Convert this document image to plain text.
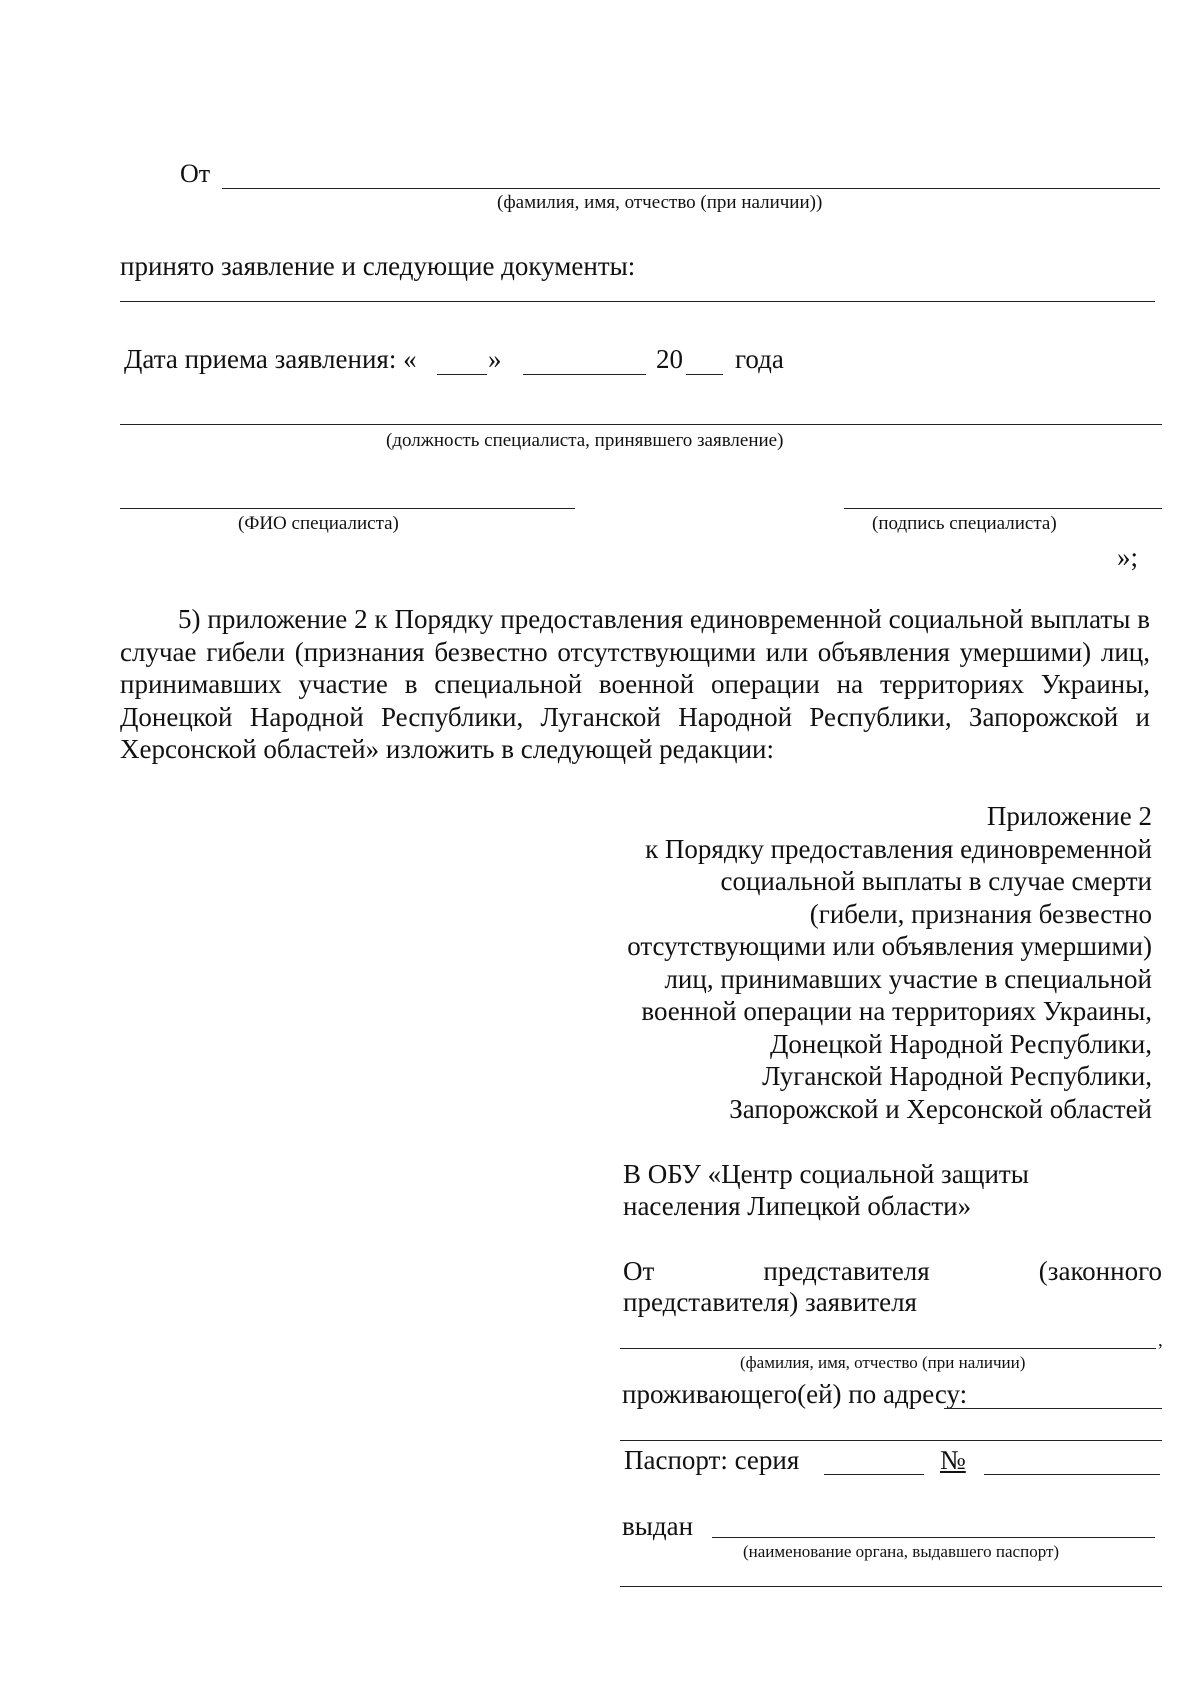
От
(фамилия, имя, отчество (при наличии))
принято заявление и следующие документы:
Дата приема заявления: «	»	20 года
(должность специалиста, принявшего заявление)
(ФИО специалиста)	(подпись специалиста)
»;
5) приложение 2 к Порядку предоставления единовременной социальной выплаты в случае гибели (признания безвестно отсутствующими или объявления умершими) лиц, принимавших участие в специальной военной операции на территориях Украины, Донецкой Народной Республики, Луганской Народной Республики, Запорожской и Херсонской областей» изложить в следующей редакции:
Приложение 2
к Порядку предоставления единовременной
социальной выплаты в случае смерти
(гибели, признания безвестно
отсутствующими или объявления умершими)
лиц, принимавших участие в специальной
военной операции на территориях Украины,
Донецкой Народной Республики,
Луганской Народной Республики,
Запорожской и Херсонской областей
В ОБУ «Центр социальной защиты
населения Липецкой области»
От	представителя	(законного
представителя) заявителя
,
(фамилия, имя, отчество (при наличии)
проживающего(ей) по адресу:
Паспорт: серия	№
выдан
(наименование органа, выдавшего паспорт)
